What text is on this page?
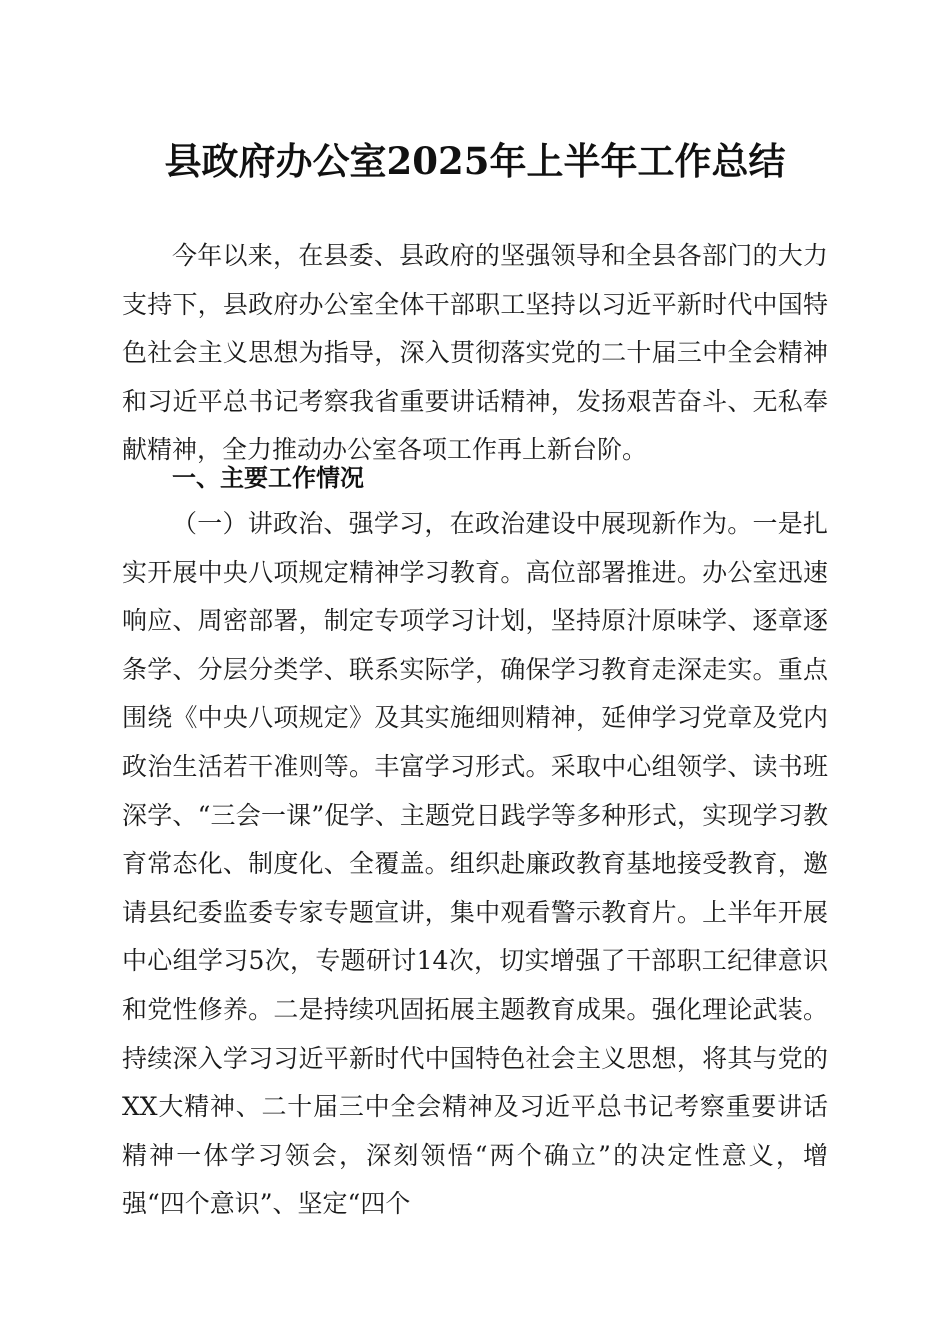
县政府办公室2025年上半年工作总结

今年以来，在县委、县政府的坚强领导和全县各部门的大力支持下，县政府办公室全体干部职工坚持以习近平新时代中国特色社会主义思想为指导，深入贯彻落实党的二十届三中全会精神和习近平总书记考察我省重要讲话精神，发扬艰苦奋斗、无私奉献精神，全力推动办公室各项工作再上新台阶。

一、主要工作情况

（一）讲政治、强学习，在政治建设中展现新作为。一是扎实开展中央八项规定精神学习教育。高位部署推进。办公室迅速响应、周密部署，制定专项学习计划，坚持原汁原味学、逐章逐条学、分层分类学、联系实际学，确保学习教育走深走实。重点围绕《中央八项规定》及其实施细则精神，延伸学习党章及党内政治生活若干准则等。丰富学习形式。采取中心组领学、读书班深学、“三会一课”促学、主题党日践学等多种形式，实现学习教育常态化、制度化、全覆盖。组织赴廉政教育基地接受教育，邀请县纪委监委专家专题宣讲，集中观看警示教育片。上半年开展中心组学习5次，专题研讨14次，切实增强了干部职工纪律意识和党性修养。二是持续巩固拓展主题教育成果。强化理论武装。持续深入学习习近平新时代中国特色社会主义思想，将其与党的XX大精神、二十届三中全会精神及习近平总书记考察重要讲话精神一体学习领会，深刻领悟“两个确立”的决定性意义，增强“四个意识”、坚定“四个
